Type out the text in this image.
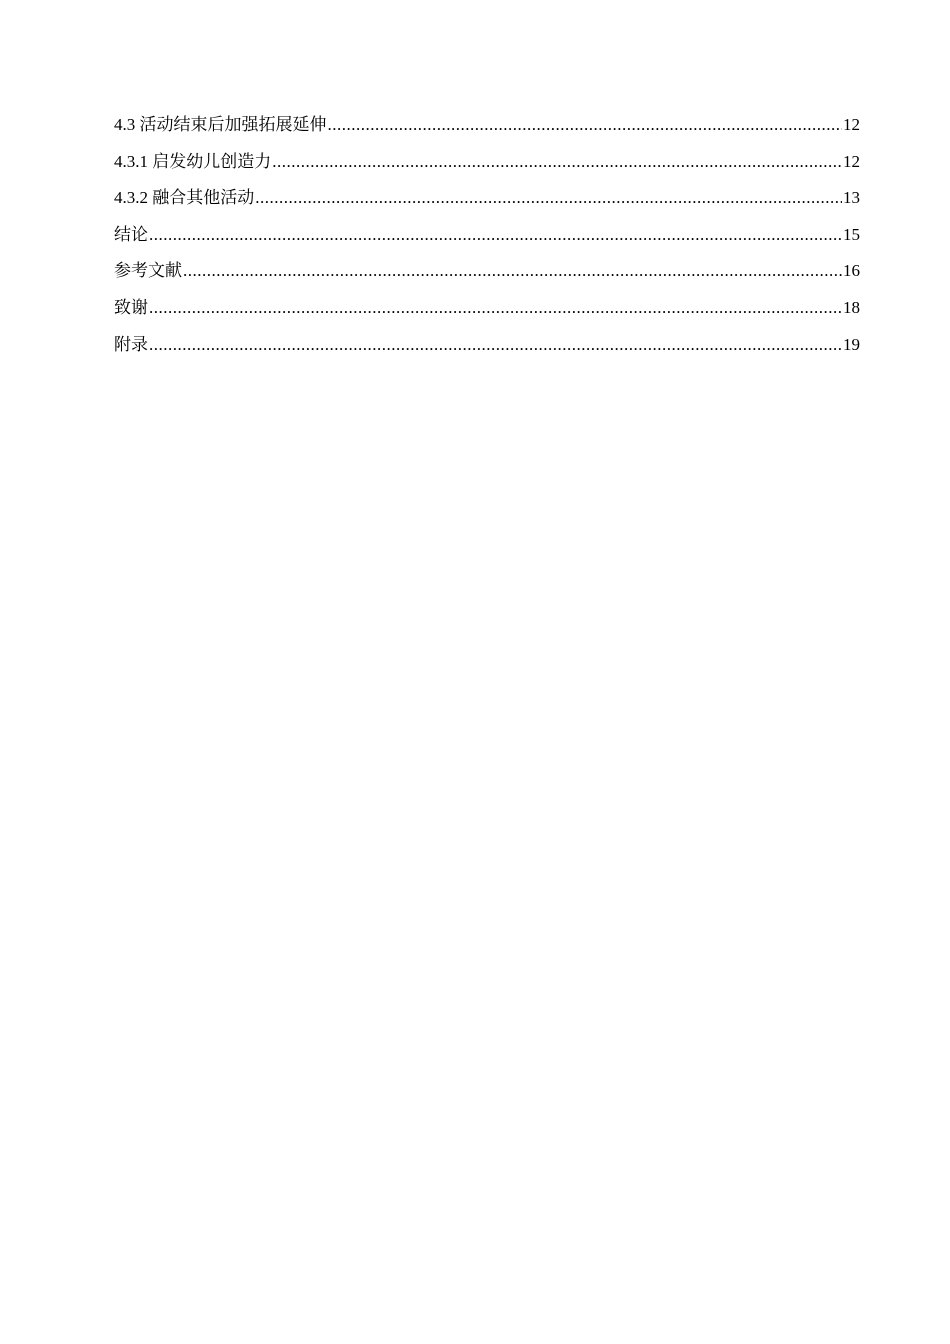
4.3 活动结束后加强拓展延伸 .....	12
4.3.1 启发幼儿创造力 .....	12
4.3.2 融合其他活动 .....	13
结论 .....	15
参考文献 .....	16
致谢 .....	18
附录 .....	19
